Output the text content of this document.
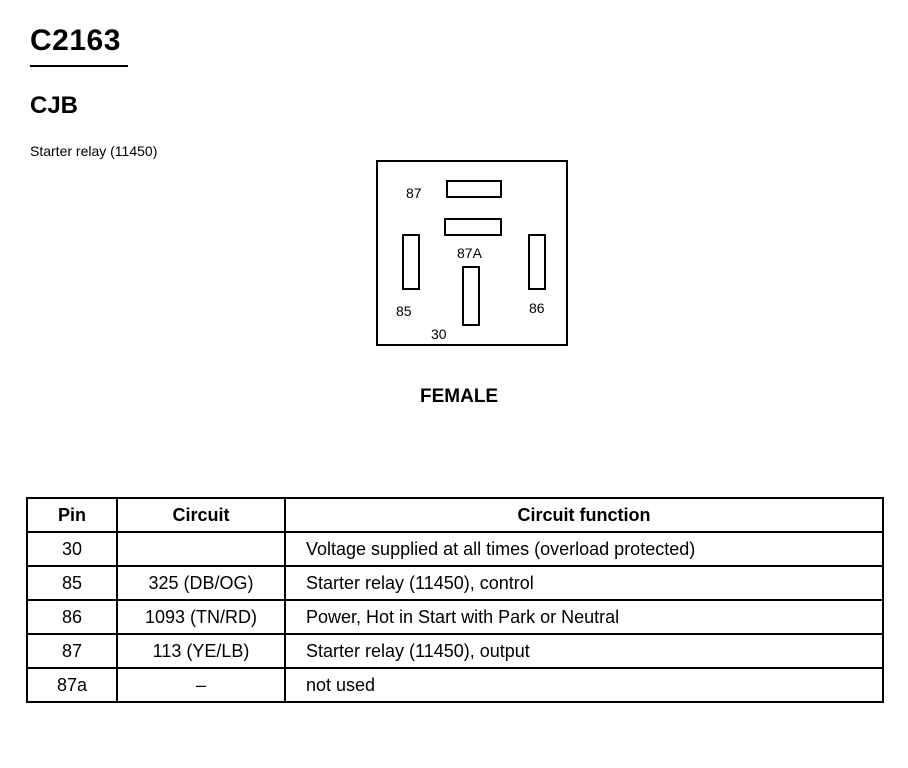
C2163
CJB
Starter relay (11450)
87
87A
85	86
30
FEMALE
Pin	Circuit	Circuit function
30		Voltage supplied at all times (overload protected)
85	325 (DB/OG)	Starter relay (11450), control
86	1093 (TN/RD)	Power, Hot in Start with Park or Neutral
87	113 (YE/LB)	Starter relay (11450), output
87a	–	not used
